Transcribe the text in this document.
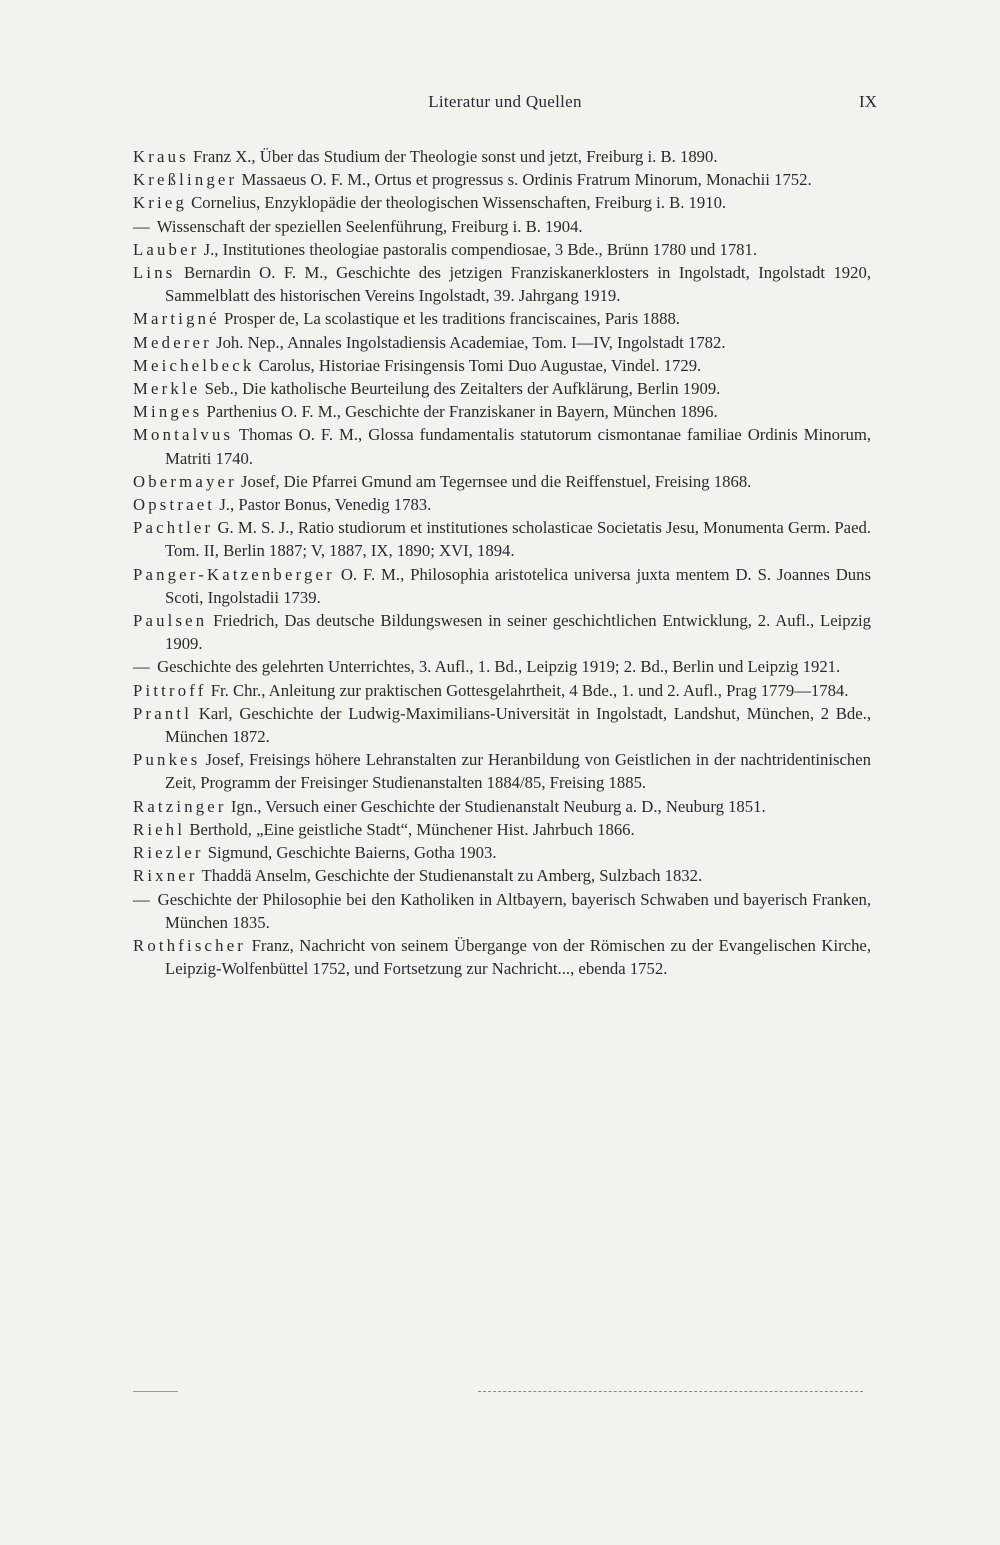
Literatur und Quellen	IX

Kraus Franz X., Über das Studium der Theologie sonst und jetzt, Freiburg i. B. 1890.

Kreßlinger Massaeus O. F. M., Ortus et progressus s. Ordinis Fratrum Minorum, Monachii 1752.

Krieg Cornelius, Enzyklopädie der theologischen Wissenschaften, Freiburg i. B. 1910.

— Wissenschaft der speziellen Seelenführung, Freiburg i. B. 1904.

Lauber J., Institutiones theologiae pastoralis compendiosae, 3 Bde., Brünn 1780 und 1781.

Lins Bernardin O. F. M., Geschichte des jetzigen Franziskanerklosters in Ingolstadt, Ingolstadt 1920, Sammelblatt des historischen Vereins Ingolstadt, 39. Jahrgang 1919.

Martigné Prosper de, La scolastique et les traditions franciscaines, Paris 1888.

Mederer Joh. Nep., Annales Ingolstadiensis Academiae, Tom. I—IV, Ingolstadt 1782.

Meichelbeck Carolus, Historiae Frisingensis Tomi Duo Augustae, Vindel. 1729.

Merkle Seb., Die katholische Beurteilung des Zeitalters der Aufklärung, Berlin 1909.

Minges Parthenius O. F. M., Geschichte der Franziskaner in Bayern, München 1896.

Montalvus Thomas O. F. M., Glossa fundamentalis statutorum cismontanae familiae Ordinis Minorum, Matriti 1740.

Obermayer Josef, Die Pfarrei Gmund am Tegernsee und die Reiffenstuel, Freising 1868.

Opstraet J., Pastor Bonus, Venedig 1783.

Pachtler G. M. S. J., Ratio studiorum et institutiones scholasticae Societatis Jesu, Monumenta Germ. Paed. Tom. II, Berlin 1887; V, 1887, IX, 1890; XVI, 1894.

Panger-Katzenberger O. F. M., Philosophia aristotelica universa juxta mentem D. S. Joannes Duns Scoti, Ingolstadii 1739.

Paulsen Friedrich, Das deutsche Bildungswesen in seiner geschichtlichen Entwicklung, 2. Aufl., Leipzig 1909.

— Geschichte des gelehrten Unterrichtes, 3. Aufl., 1. Bd., Leipzig 1919; 2. Bd., Berlin und Leipzig 1921.

Pittroff Fr. Chr., Anleitung zur praktischen Gottesgelahrtheit, 4 Bde., 1. und 2. Aufl., Prag 1779—1784.

Prantl Karl, Geschichte der Ludwig-Maximilians-Universität in Ingolstadt, Landshut, München, 2 Bde., München 1872.

Punkes Josef, Freisings höhere Lehranstalten zur Heranbildung von Geistlichen in der nachtridentinischen Zeit, Programm der Freisinger Studienanstalten 1884/85, Freising 1885.

Ratzinger Ign., Versuch einer Geschichte der Studienanstalt Neuburg a. D., Neuburg 1851.

Riehl Berthold, „Eine geistliche Stadt“, Münchener Hist. Jahrbuch 1866.

Riezler Sigmund, Geschichte Baierns, Gotha 1903.

Rixner Thaddä Anselm, Geschichte der Studienanstalt zu Amberg, Sulzbach 1832.

— Geschichte der Philosophie bei den Katholiken in Altbayern, bayerisch Schwaben und bayerisch Franken, München 1835.

Rothfischer Franz, Nachricht von seinem Übergange von der Römischen zu der Evangelischen Kirche, Leipzig-Wolfenbüttel 1752, und Fortsetzung zur Nachricht..., ebenda 1752.
